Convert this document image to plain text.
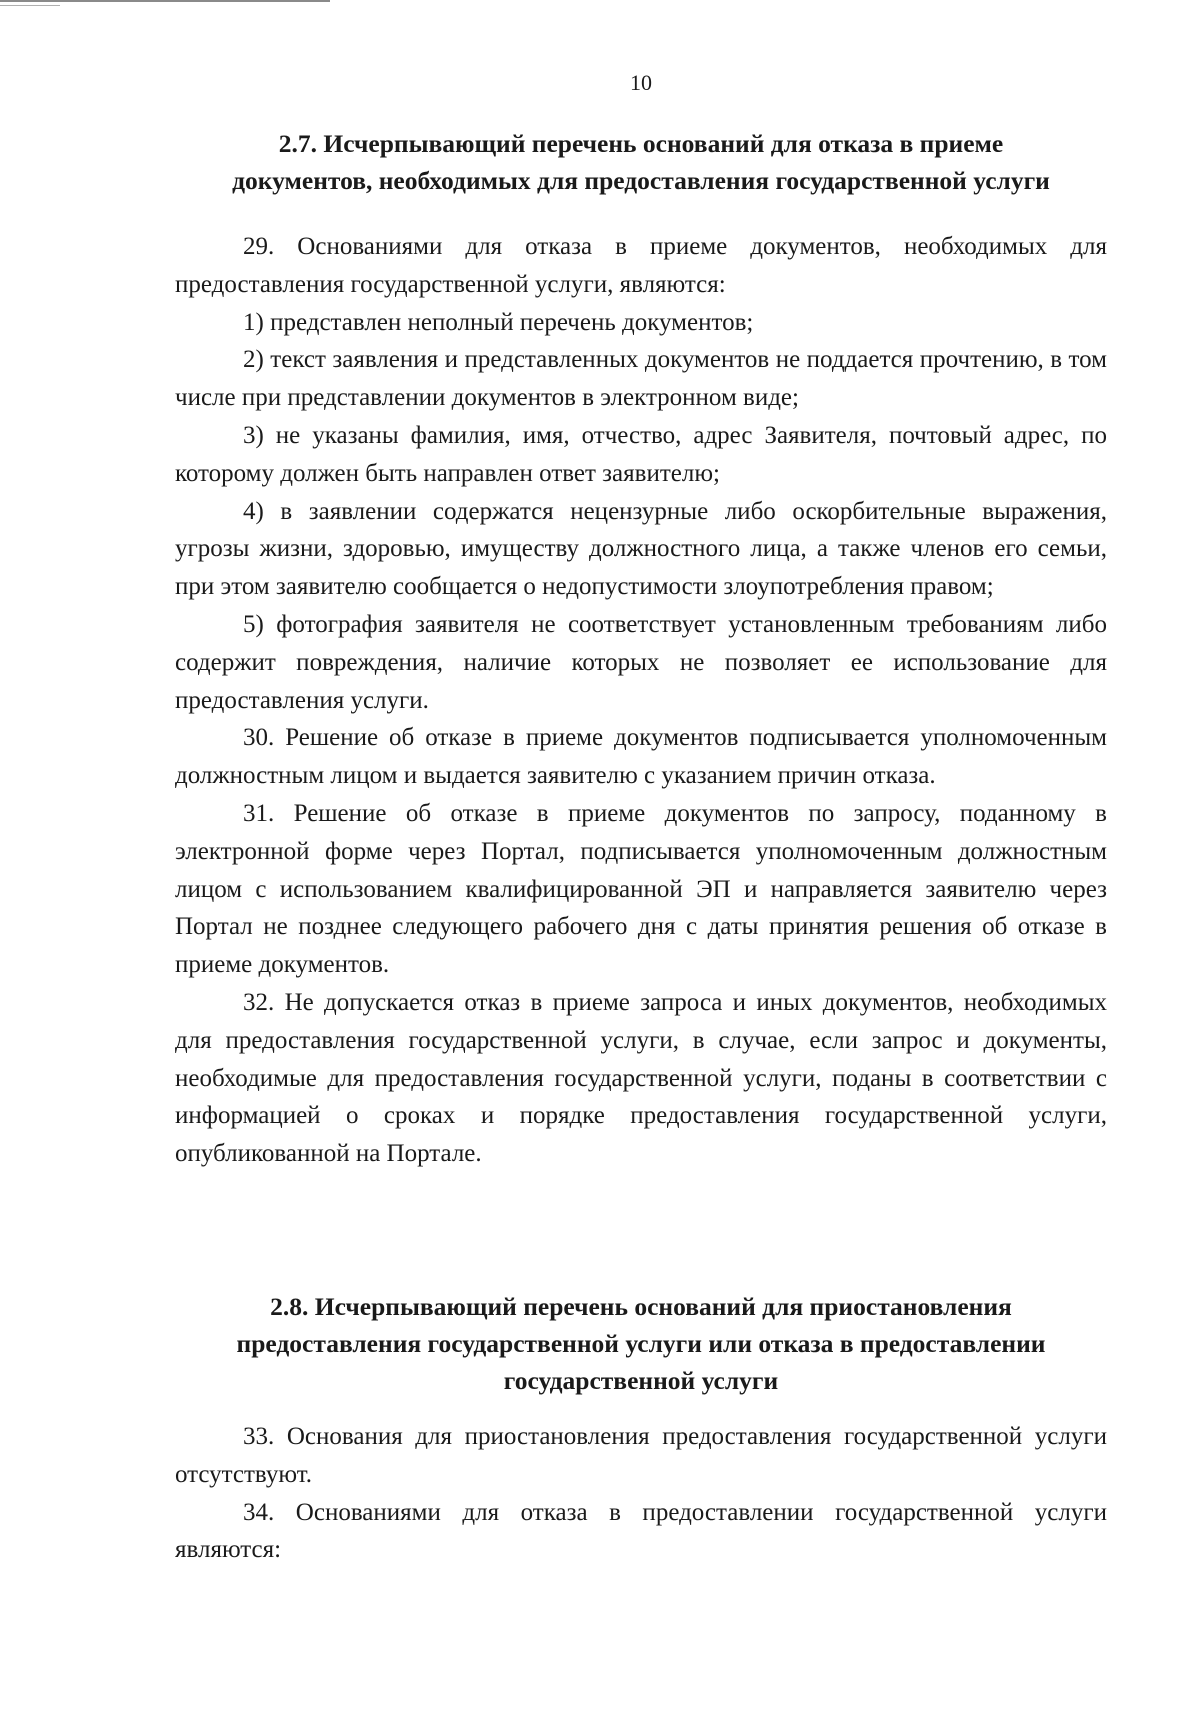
10
2.7. Исчерпывающий перечень оснований для отказа в приеме
документов, необходимых для предоставления государственной услуги

29. Основаниями для отказа в приеме документов, необходимых для предоставления государственной услуги, являются:

1) представлен неполный перечень документов;

2) текст заявления и представленных документов не поддается прочтению, в том числе при представлении документов в электронном виде;

3) не указаны фамилия, имя, отчество, адрес Заявителя, почтовый адрес, по которому должен быть направлен ответ заявителю;

4) в заявлении содержатся нецензурные либо оскорбительные выражения, угрозы жизни, здоровью, имуществу должностного лица, а также членов его семьи, при этом заявителю сообщается о недопустимости злоупотребления правом;

5) фотография заявителя не соответствует установленным требованиям либо содержит повреждения, наличие которых не позволяет ее использование для предоставления услуги.

30. Решение об отказе в приеме документов подписывается уполномоченным должностным лицом и выдается заявителю с указанием причин отказа.

31. Решение об отказе в приеме документов по запросу, поданному в электронной форме через Портал, подписывается уполномоченным должностным лицом с использованием квалифицированной ЭП и направляется заявителю через Портал не позднее следующего рабочего дня с даты принятия решения об отказе в приеме документов.

32. Не допускается отказ в приеме запроса и иных документов, необходимых для предоставления государственной услуги, в случае, если запрос и документы, необходимые для предоставления государственной услуги, поданы в соответствии с информацией о сроках и порядке предоставления государственной услуги, опубликованной на Портале.

2.8. Исчерпывающий перечень оснований для приостановления
предоставления государственной услуги или отказа в предоставлении
государственной услуги

33. Основания для приостановления предоставления государственной услуги отсутствуют.

34. Основаниями для отказа в предоставлении государственной услуги являются:
